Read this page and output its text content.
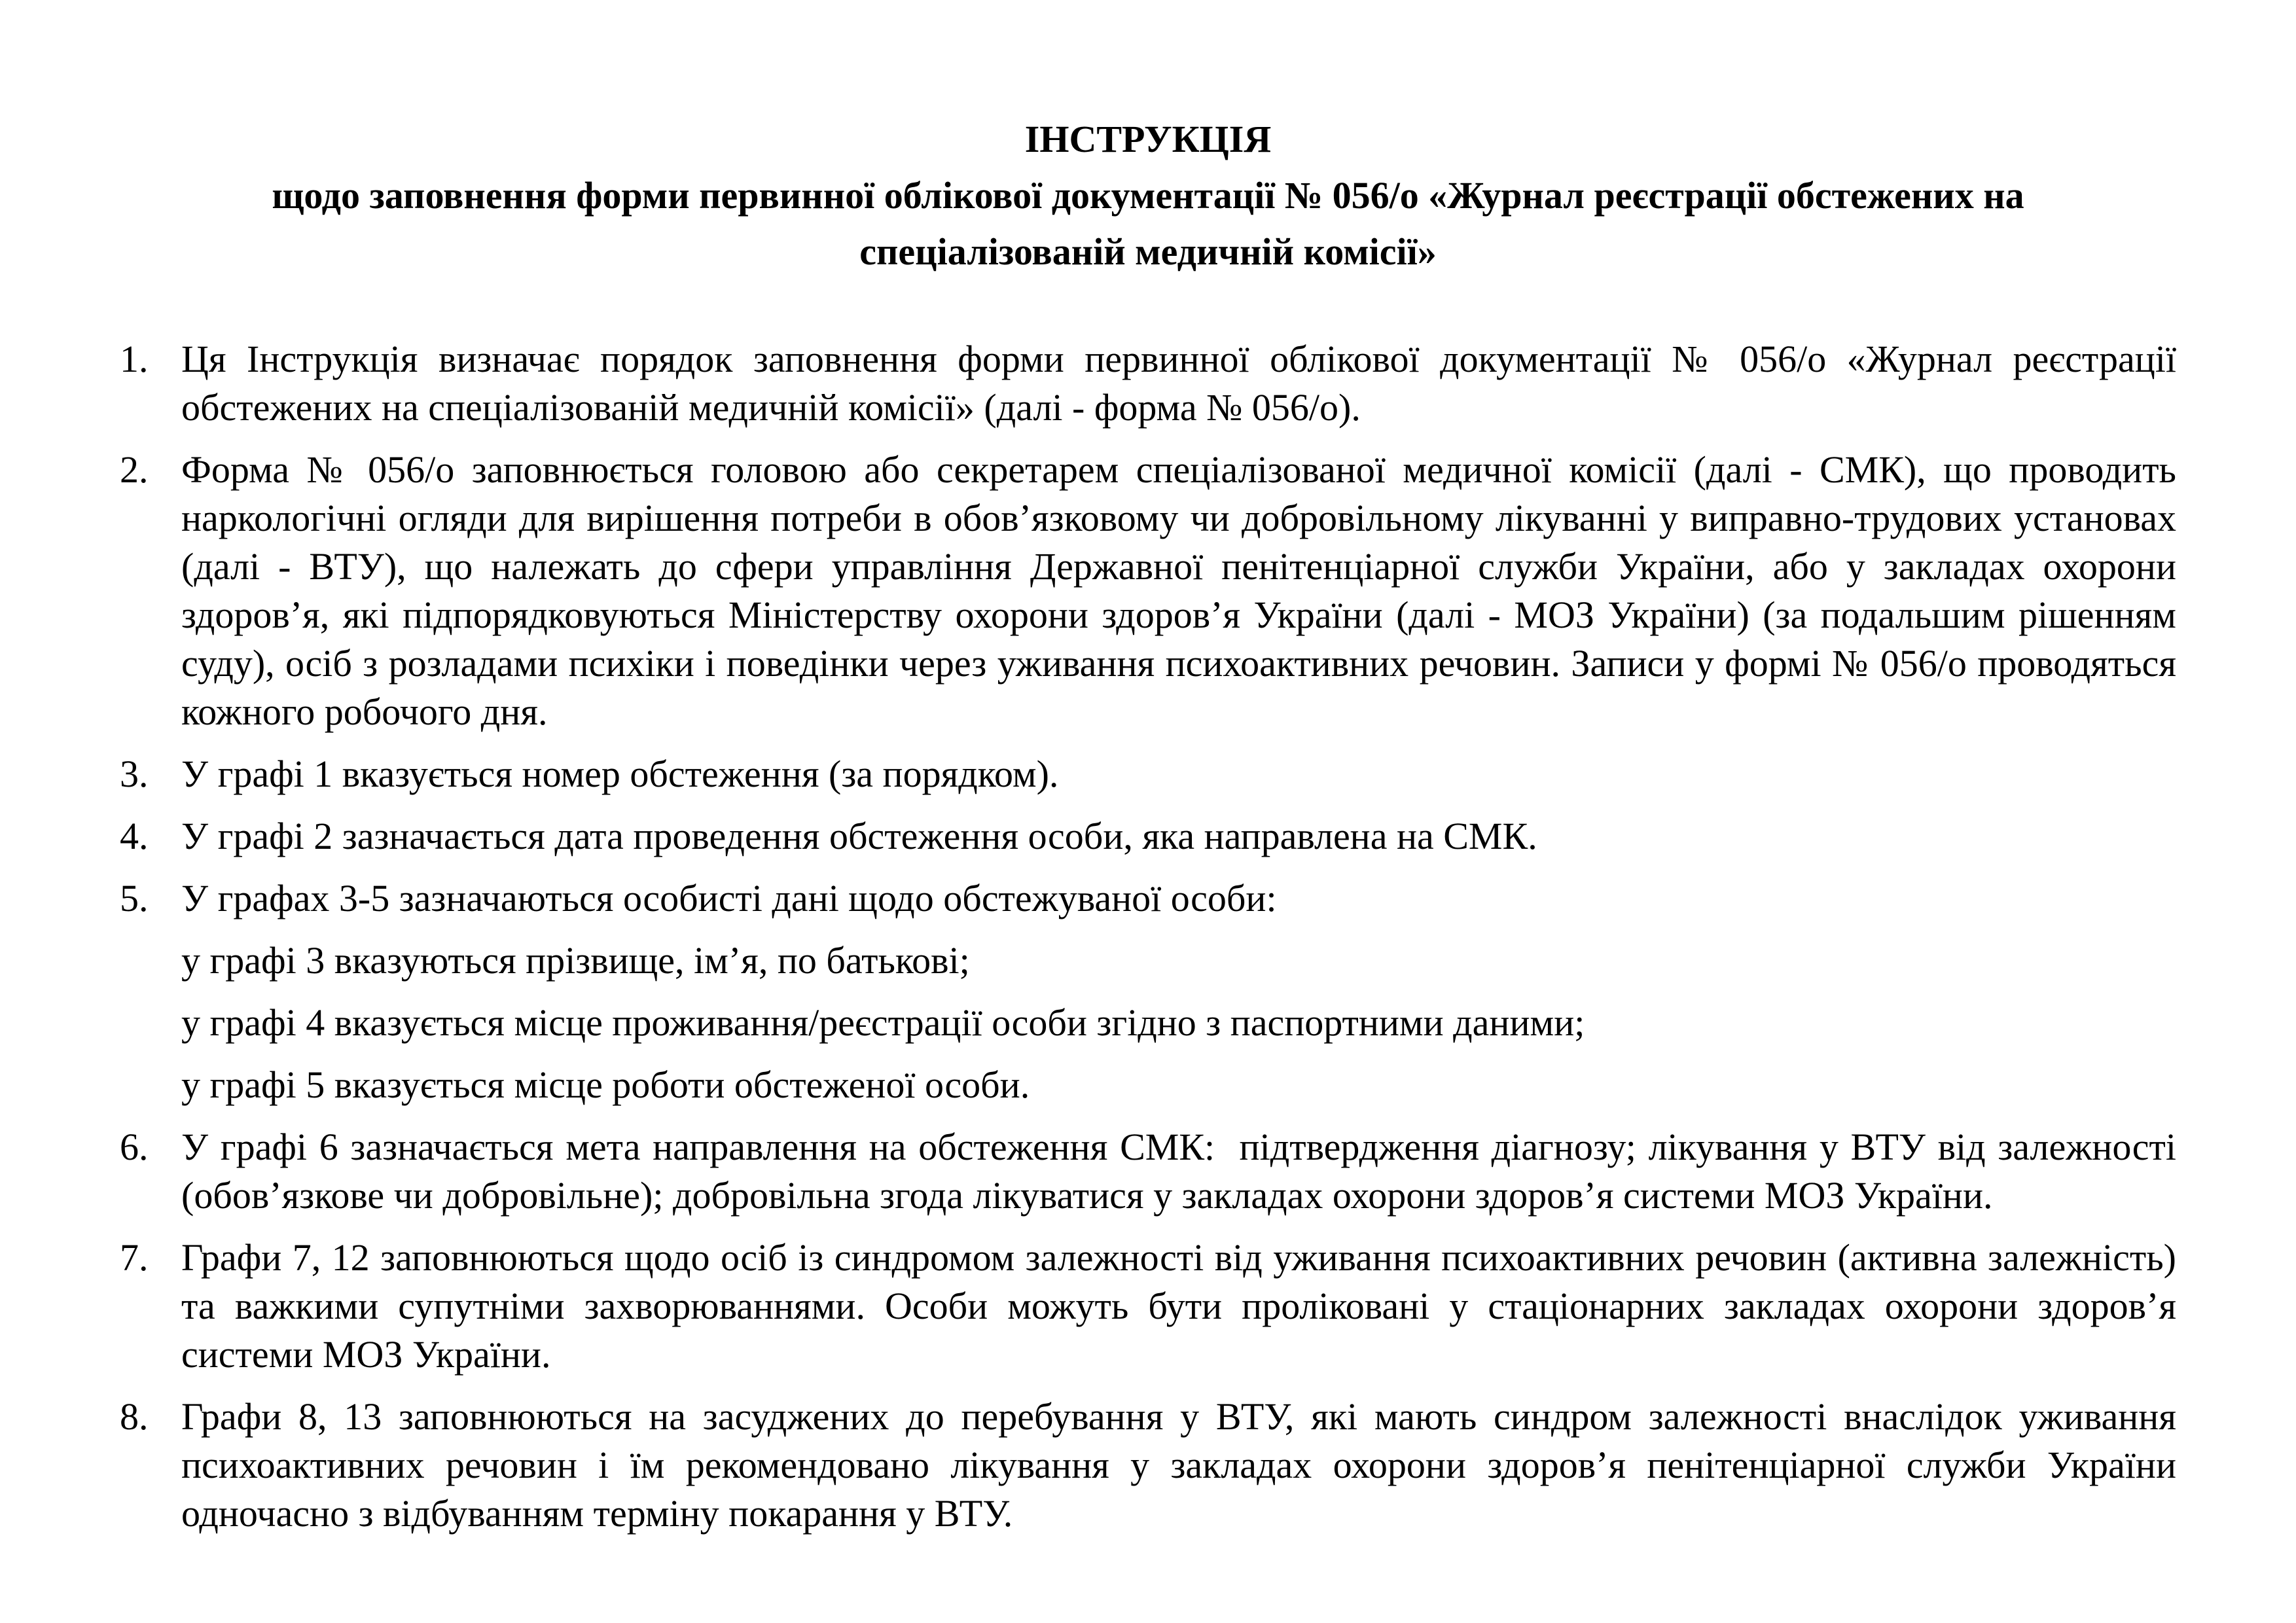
ІНСТРУКЦІЯ
щодо заповнення форми первинної облікової документації № 056/о «Журнал реєстрації обстежених на спеціалізованій медичній комісії»

1. Ця Інструкція визначає порядок заповнення форми первинної облікової документації № 056/о «Журнал реєстрації обстежених на спеціалізованій медичній комісії» (далі - форма № 056/о).

2. Форма № 056/о заповнюється головою або секретарем спеціалізованої медичної комісії (далі - СМК), що проводить наркологічні огляди для вирішення потреби в обов’язковому чи добровільному лікуванні у виправно-трудових установах (далі - ВТУ), що належать до сфери управління Державної пенітенціарної служби України, або у закладах охорони здоров’я, які підпорядковуються Міністерству охорони здоров’я України (далі - МОЗ України) (за подальшим рішенням суду), осіб з розладами психіки і поведінки через уживання психоактивних речовин. Записи у формі № 056/о проводяться кожного робочого дня.

3. У графі 1 вказується номер обстеження (за порядком).

4. У графі 2 зазначається дата проведення обстеження особи, яка направлена на СМК.

5. У графах 3-5 зазначаються особисті дані щодо обстежуваної особи:

у графі 3 вказуються прізвище, ім’я, по батькові;

у графі 4 вказується місце проживання/реєстрації особи згідно з паспортними даними;

у графі 5 вказується місце роботи обстеженої особи.

6. У графі 6 зазначається мета направлення на обстеження СМК:  підтвердження діагнозу; лікування у ВТУ від залежності (обов’язкове чи добровільне); добровільна згода лікуватися у закладах охорони здоров’я системи МОЗ України.

7. Графи 7, 12 заповнюються щодо осіб із синдромом залежності від уживання психоактивних речовин (активна залежність) та важкими супутніми захворюваннями. Особи можуть бути проліковані у стаціонарних закладах охорони здоров’я системи МОЗ України.

8. Графи 8, 13 заповнюються на засуджених до перебування у ВТУ, які мають синдром залежності внаслідок уживання психоактивних речовин і їм рекомендовано лікування у закладах охорони здоров’я пенітенціарної служби України одночасно з відбуванням терміну покарання у ВТУ.
